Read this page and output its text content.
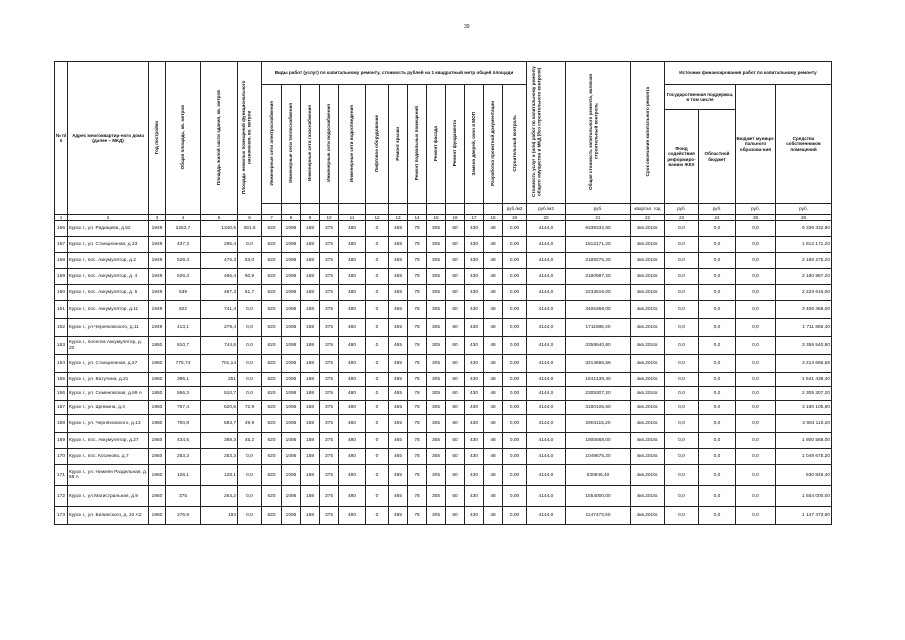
39
№ п/п	Адрес многоквартир-ного дома (далее – МКД)	Год постройки	Общая площадь, кв. метров	Площадь жилой части здания, кв. метров	Площадь нежилых помещений функционального назначения, кв. метров	Виды работ (услуг) по капитальному ремонту, стоимость рублей на 1 квадратный метр общей площади													Стоимость услуг и (или) работ по капитальному ремонту общего имущества в МКД (без строительного контроля)	Общая стоимость капитального ремонта, включая строительный контроль	Срок окончания капитального ремонта	Источник финансирования работ по капитальному ремонту			
						Инженерные сети электроснабжения	Инженерные сети теплоснабжения	Инженерные сети газоснабжения	Инженерные сети водоснабжения	Инженерные сети водоотведения	Лифтовое оборудование	Ремонт крыши	Ремонт подвальных помещений	Ремонт фасада	Ремонт фундамента	Замена дверей, окон в МОП	Разработка проектной документации	Строительный контроль				Государственная поддержка, в том числе		Бюджет муници-пального образова-ния	Средства собственников помещений
																						Фонд содействия реформиро-ванию ЖКХ	Областной бюджет		
																		руб./м2	руб./м2	руб.	квартал, год	руб.	руб.	руб.	руб.
1	2	3	4	5	6	7	8	9	10	11	12	13	14	15	16	17	18	19	20	21	22	23	24	25	26
156	Курск г., ул. Радищева, д.52	1949	2253,7	1340,6	281,8	620	1095	188	375	480	0	465	78	305	60	430	48	0,00	4144,0	9339332,80	4кв.2016г.	0,0	0,0	0,0	9 339 332,80
157	Курск г., ул. Станционная, д.33	1949	437,3	295,4	0,0	620	1095	188	375	480	0	465	78	305	60	430	48	0,00	4144,0	1812171,20	4кв.2016г.	0,0	0,0	0,0	1 812 171,20
158	Курск г., пос. Аккумулятор, д.2	1949	528,3	475,3	53,0	620	1095	188	375	480	0	465	78	305	60	430	48	0,00	4144,0	2189275,20	4кв.2016г.	0,0	0,0	0,0	2 189 275,20
159	Курск г., пос. Аккумулятор, д. 4	1949	526,3	465,4	60,9	620	1095	188	375	480	0	465	78	305	60	430	48	0,00	4144,0	2180987,20	4кв.2016г.	0,0	0,0	0,0	2 180 987,20
160	Курск г., пос. Аккумулятор, д. 5	1949	539	487,3	51,7	620	1095	188	375	480	0	465	78	305	60	430	48	0,00	4144,0	2233616,00	4кв.2016г.	0,0	0,0	0,0	2 233 616,00
161	Курск г., пос. Аккумулятор, д.11	1949	822	741,4	0,0	620	1095	188	375	480	0	465	78	305	60	430	48	0,00	4144,0	3406368,00	4кв.2016г.	0,0	0,0	0,0	3 406 368,00
162	Курск г., ул.Черняховского, д.11	1949	413,1	279,4	0,0	620	1095	188	375	480	0	465	78	305	60	430	48	0,00	4144,0	1711886,40	4кв.2016г.	0,0	0,0	0,0	1 711 886,40
163	Курск г., поселок Аккумулятор, д. 20	1950	810,7	744,6	0,0	620	1095	188	375	480	0	465	78	305	60	430	48	0,00	4144,0	3359540,80	4кв.2016г.	0,0	0,0	0,0	3 359 540,80
164	Курск г., ул. Станционная, д.27	1950	775,74	701,14	0,0	620	1095	188	375	480	0	465	78	305	60	430	48	0,00	4144,0	3214666,56	4кв.2016г.	0,0	0,0	0,0	3 214 666,56
165	Курск г., ул. Ватутина, д.21	1950	396,1	251	0,0	620	1095	188	375	480	0	465	78	305	60	430	48	0,00	4144,0	1641438,40	4кв.2016г.	0,0	0,0	0,0	1 641 438,40
166	Курск г., ул. Семеновская, д.69 А	1950	556,3	510,7	0,0	620	1095	188	375	480	0	465	78	305	60	430	48	0,00	4144,0	2305307,20	4кв.2016г.	0,0	0,0	0,0	2 305 307,20
167	Курск г., ул. Щепкина, д.4	1950	767,4	620,8	72,9	620	1095	188	375	480	0	465	78	305	60	430	48	0,00	4144,0	3180105,60	4кв.2016г.	0,0	0,0	0,0	3 180 105,60
168	Курск г., ул. Черняховского, д.13	1950	700,8	583,7	49,9	620	1095	188	375	480	0	465	78	305	60	430	48	0,00	4144,0	2904115,20	4кв.2016г.	0,0	0,0	0,0	2 904 115,20
169	Курск г., пос. Аккумулятор, д.27	1950	434,5	389,3	45,2	620	1095	188	375	480	0	465	78	305	60	430	48	0,00	4144,0	1800568,00	4кв.2016г.	0,0	0,0	0,0	1 800 568,00
170	Курск г., пос. Косиново, д.7	1950	253,3	253,3	0,0	620	1095	188	375	480	0	465	78	305	60	430	48	0,00	4144,0	1049675,20	4кв.2016г.	0,0	0,0	0,0	1 049 675,20
171	Курск г., ул. Нижняя Раздельная, д. 58 А	1950	128,1	128,1	0,0	620	1095	188	375	480	0	465	78	305	60	430	48	0,00	4144,0	530846,40	4кв.2016г.	0,0	0,0	0,0	530 846,40
172	Курск г., ул.Магистральная, д.9	1950	375	264,2	0,0	620	1095	188	375	480	0	465	78	305	60	430	48	0,00	4144,0	1554000,00	4кв.2016г.	0,0	0,0	0,0	1 554 000,00
173	Курск г., ул. Белинского, д. 22 А2	1950	276,9	193	0,0	620	1095	188	375	480	0	465	78	305	60	430	48	0,00	4144,0	1147473,60	4кв.2016г.	0,0	0,0	0,0	1 147 473,60
